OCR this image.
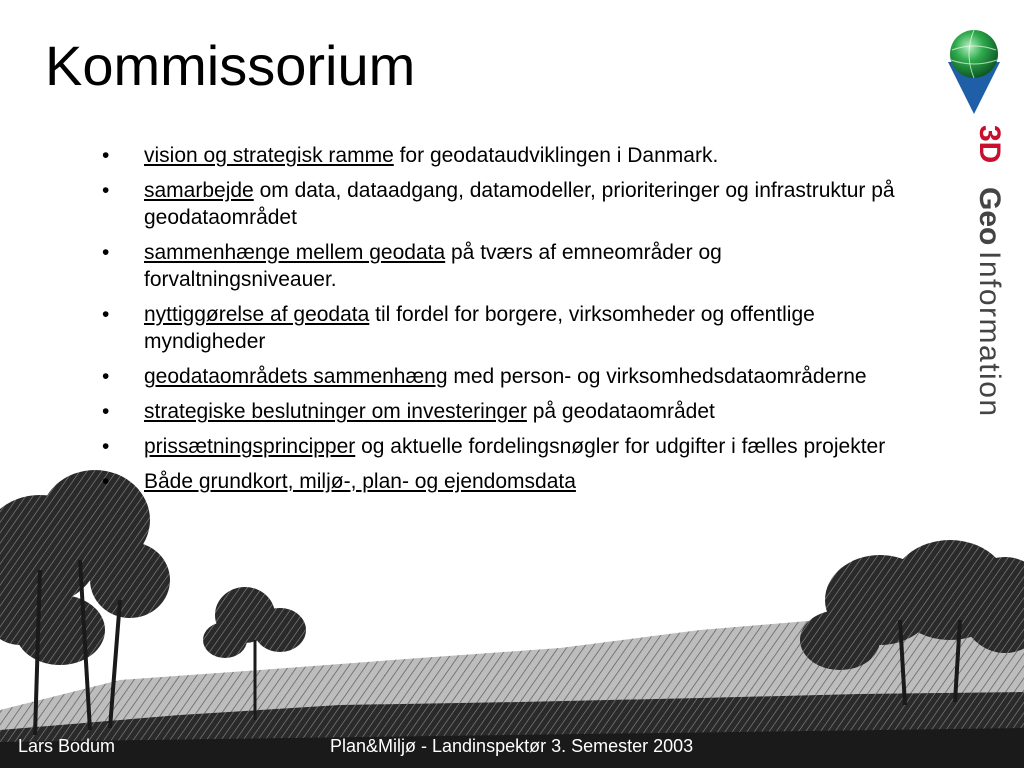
Kommissorium
3D
Geo
Information
• vision og strategisk ramme for geodataudviklingen i Danmark.
• samarbejde om data, dataadgang, datamodeller, prioriteringer og infrastruktur på geodataområdet
• sammenhænge mellem geodata på tværs af emneområder og forvaltningsniveauer.
• nyttiggørelse af geodata til fordel for borgere, virksomheder og offentlige myndigheder
• geodataområdets sammenhæng med person- og virksomhedsdataområderne
• strategiske beslutninger om investeringer på geodataområdet
• prissætningsprincipper og aktuelle fordelingsnøgler for udgifter i fælles projekter
• Både grundkort, miljø-, plan- og ejendomsdata
Lars Bodum	Plan&Miljø - Landinspektør 3. Semester 2003
